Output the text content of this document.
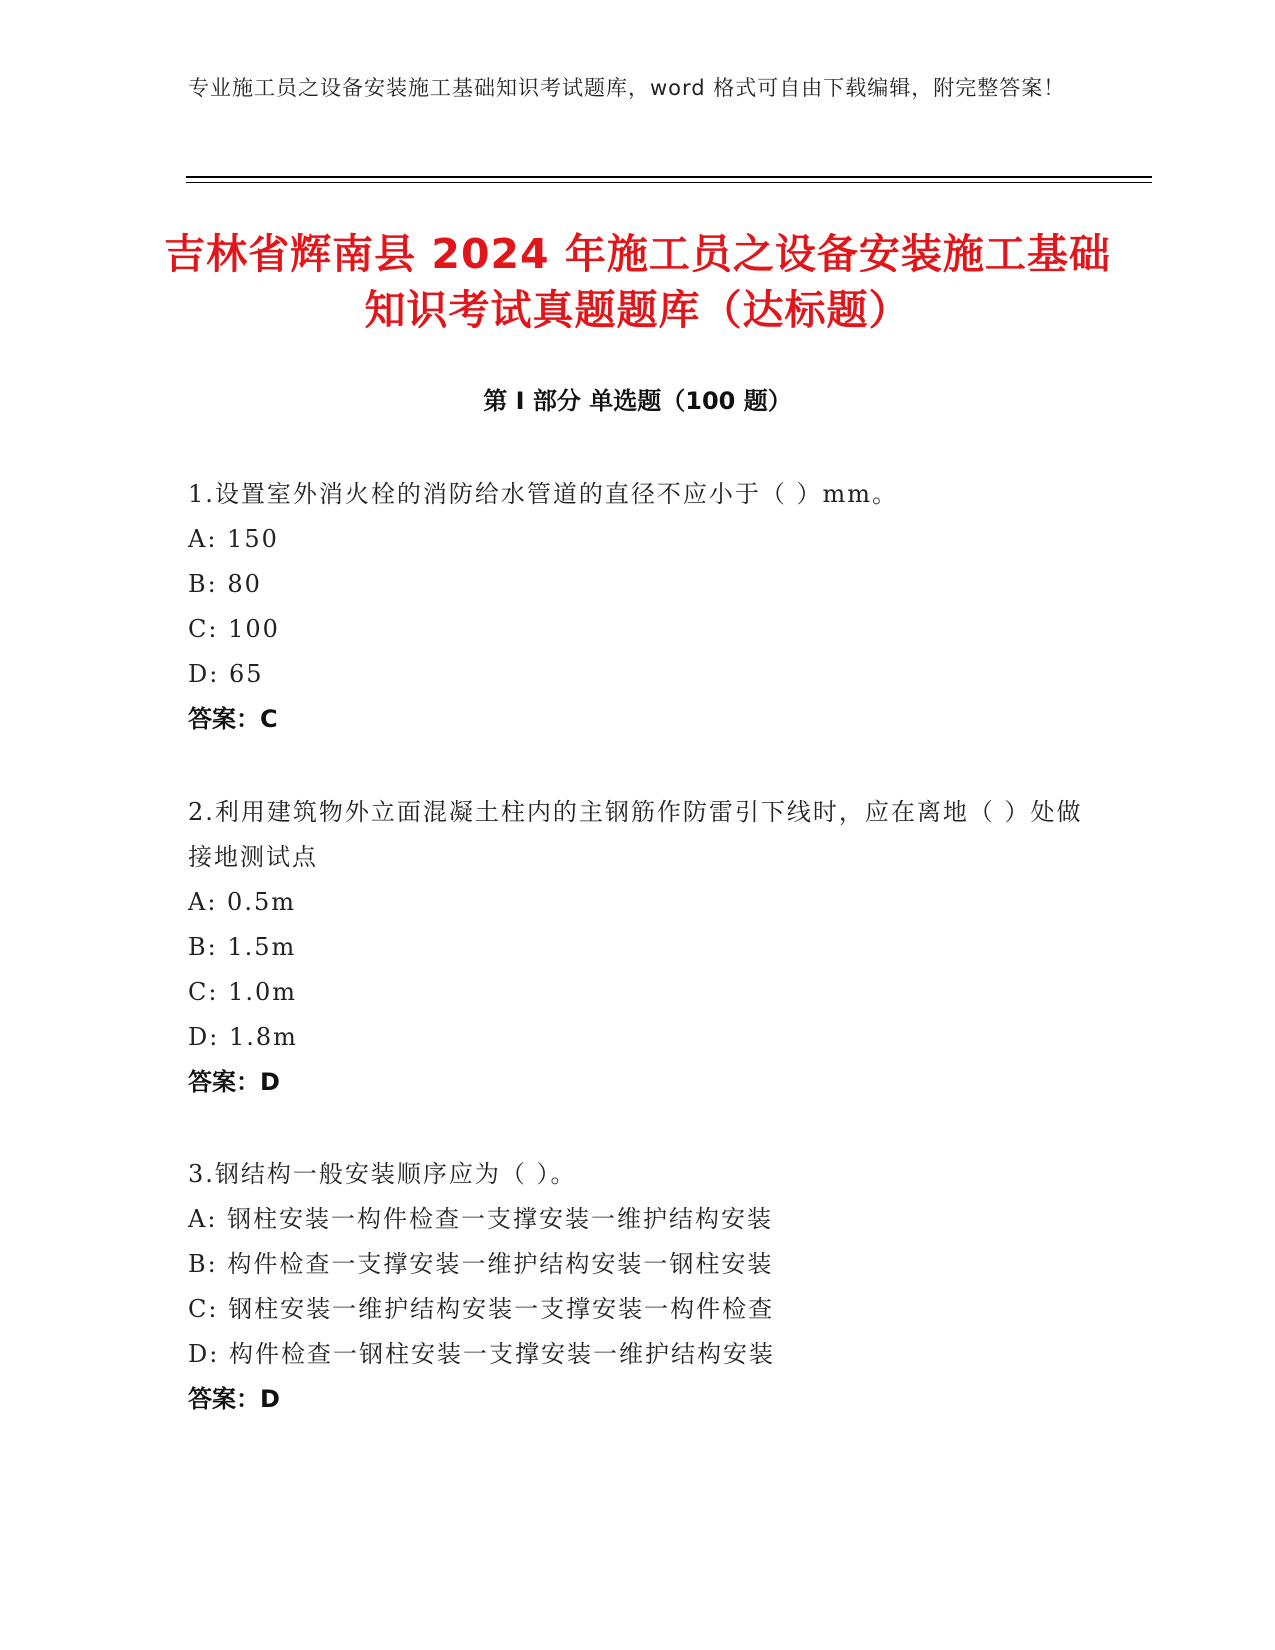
专业施工员之设备安装施工基础知识考试题库，word 格式可自由下载编辑，附完整答案！
吉林省辉南县 2024 年施工员之设备安装施工基础知识考试真题题库（达标题）
第 I 部分 单选题（100 题）

1.设置室外消火栓的消防给水管道的直径不应小于（ ）mm。

A: 150

B: 80

C: 100

D: 65

答案：C

2.利用建筑物外立面混凝土柱内的主钢筋作防雷引下线时，应在离地（ ）处做接地测试点

A: 0.5m

B: 1.5m

C: 1.0m

D: 1.8m

答案：D

3.钢结构一般安装顺序应为（ ）。

A: 钢柱安装一构件检查一支撑安装一维护结构安装

B: 构件检查一支撑安装一维护结构安装一钢柱安装

C: 钢柱安装一维护结构安装一支撑安装一构件检查

D: 构件检查一钢柱安装一支撑安装一维护结构安装

答案：D
